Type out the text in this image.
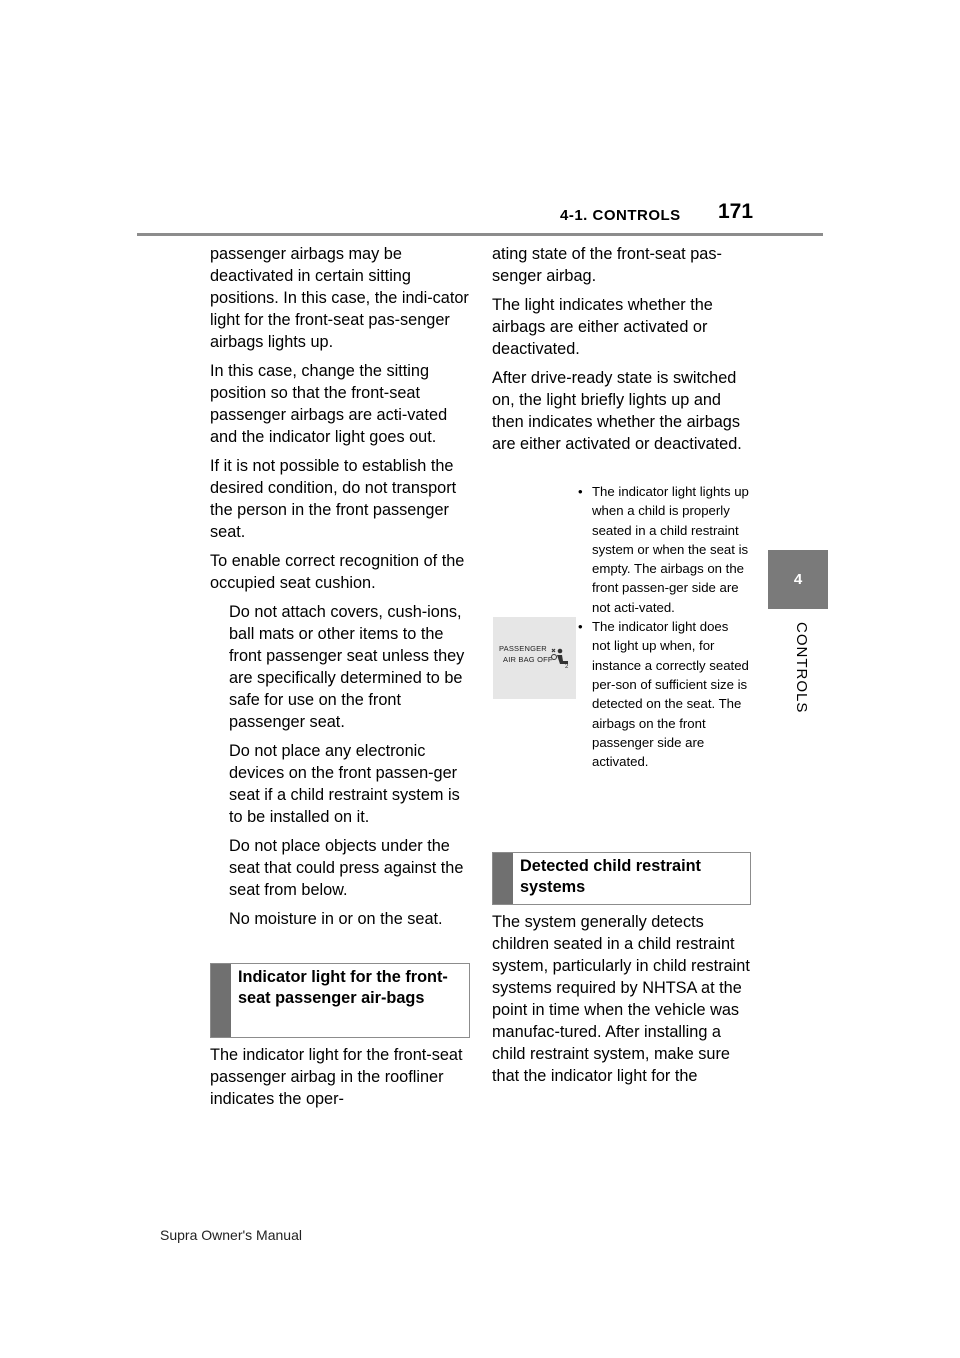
4-1. CONTROLS 171
4
CONTROLS

passenger airbags may be deactivated in certain sitting positions. In this case, the indi-cator light for the front-seat pas-senger airbags lights up.

In this case, change the sitting position so that the front-seat passenger airbags are acti-vated and the indicator light goes out.

If it is not possible to establish the desired condition, do not transport the person in the front passenger seat.

To enable correct recognition of the occupied seat cushion.

Do not attach covers, cush-ions, ball mats or other items to the front passenger seat unless they are specifically determined to be safe for use on the front passenger seat.
Do not place any electronic devices on the front passen-ger seat if a child restraint system is to be installed on it.
Do not place objects under the seat that could press against the seat from below.
No moisture in or on the seat.
Indicator light for the front-seat passenger air-bags
The indicator light for the front-seat passenger airbag in the roofliner indicates the oper-

ating state of the front-seat pas-senger airbag.

The light indicates whether the airbags are either activated or deactivated.

After drive-ready state is switched on, the light briefly lights up and then indicates whether the airbags are either activated or deactivated.

PASSENGER
AIR BAG OFF
2
• The indicator light lights up when a child is properly seated in a child restraint system or when the seat is empty. The airbags on the front passen-ger side are not acti-vated.
• The indicator light does not light up when, for instance a correctly seated per-son of sufficient size is detected on the seat. The airbags on the front passenger side are activated.
Detected child restraint systems
The system generally detects children seated in a child restraint system, particularly in child restraint systems required by NHTSA at the point in time when the vehicle was manufac-tured. After installing a child restraint system, make sure that the indicator light for the
Supra Owner's Manual
